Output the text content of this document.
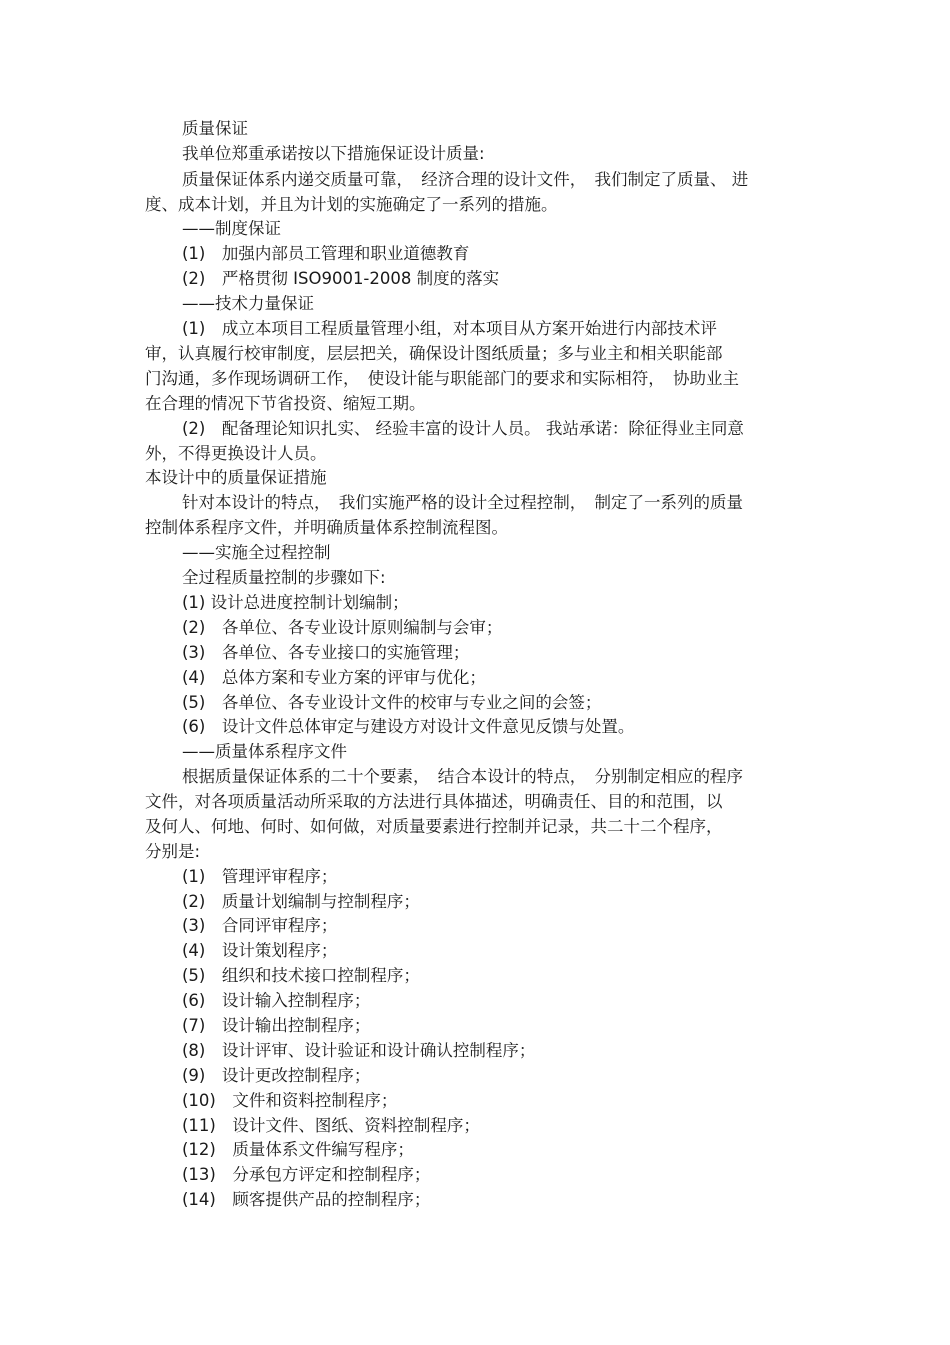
质量保证
我单位郑重承诺按以下措施保证设计质量:
质量保证体系内递交质量可靠，　经济合理的设计文件，　我们制定了质量、 进
度、成本计划，并且为计划的实施确定了一系列的措施。
——制度保证
(1)　加强内部员工管理和职业道德教育
(2)　严格贯彻 ISO9001-2008 制度的落实
——技术力量保证
(1)　成立本项目工程质量管理小组，对本项目从方案开始进行内部技术评
审，认真履行校审制度，层层把关，确保设计图纸质量；多与业主和相关职能部
门沟通，多作现场调研工作，　使设计能与职能部门的要求和实际相符，　协助业主
在合理的情况下节省投资、缩短工期。
(2)　配备理论知识扎实、 经验丰富的设计人员。 我站承诺：除征得业主同意
外，不得更换设计人员。
本设计中的质量保证措施
针对本设计的特点，　我们实施严格的设计全过程控制，　制定了一系列的质量
控制体系程序文件，并明确质量体系控制流程图。
——实施全过程控制
全过程质量控制的步骤如下:
(1) 设计总进度控制计划编制；
(2)　各单位、各专业设计原则编制与会审；
(3)　各单位、各专业接口的实施管理；
(4)　总体方案和专业方案的评审与优化；
(5)　各单位、各专业设计文件的校审与专业之间的会签；
(6)　设计文件总体审定与建设方对设计文件意见反馈与处置。
——质量体系程序文件
根据质量保证体系的二十个要素，　结合本设计的特点，　分别制定相应的程序
文件，对各项质量活动所采取的方法进行具体描述，明确责任、目的和范围，以
及何人、何地、何时、如何做，对质量要素进行控制并记录，共二十二个程序，
分别是:
(1)　管理评审程序；
(2)　质量计划编制与控制程序；
(3)　合同评审程序；
(4)　设计策划程序；
(5)　组织和技术接口控制程序；
(6)　设计输入控制程序；
(7)　设计输出控制程序；
(8)　设计评审、设计验证和设计确认控制程序；
(9)　设计更改控制程序；
(10)　文件和资料控制程序；
(11)　设计文件、图纸、资料控制程序；
(12)　质量体系文件编写程序；
(13)　分承包方评定和控制程序；
(14)　顾客提供产品的控制程序；
